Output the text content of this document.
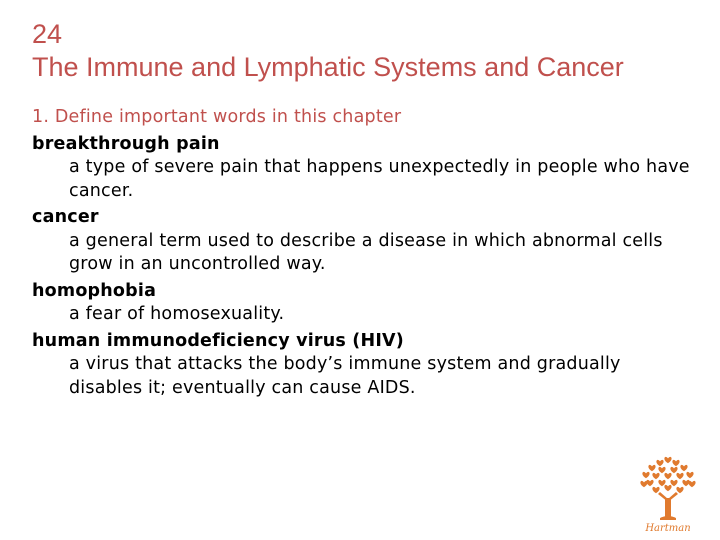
24
The Immune and Lymphatic Systems and Cancer
1. Define important words in this chapter
breakthrough pain
a type of severe pain that happens unexpectedly in people who have cancer.
cancer
a general term used to describe a disease in which abnormal cells grow in an uncontrolled way.
homophobia
a fear of homosexuality.
human immunodeficiency virus (HIV)
a virus that attacks the body’s immune system and gradually disables it; eventually can cause AIDS.
Hartman
